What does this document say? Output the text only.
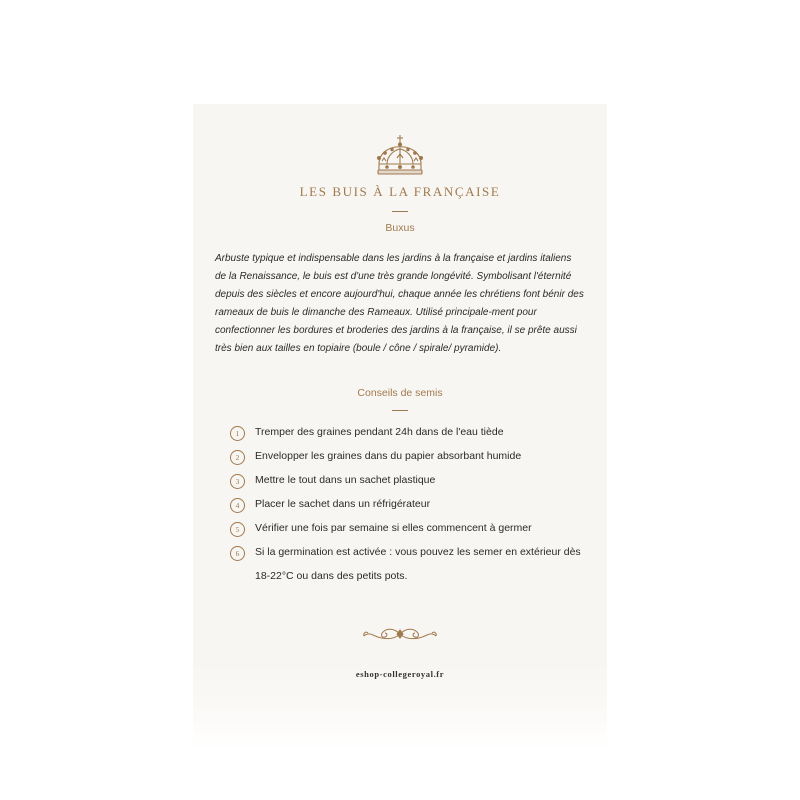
LES BUIS À LA FRANÇAISE
Buxus

Arbuste typique et indispensable dans les jardins à la française et jardins italiens de la Renaissance, le buis est d'une très grande longévité. Symbolisant l'éternité depuis des siècles et encore aujourd'hui, chaque année les chrétiens font bénir des rameaux de buis le dimanche des Rameaux. Utilisé principale-ment pour confectionner les bordures et broderies des jardins à la française, il se prête aussi très bien aux tailles en topiaire (boule / cône / spirale/ pyramide).

Conseils de semis
1	Tremper des graines pendant 24h dans de l'eau tiède
2	Envelopper les graines dans du papier absorbant humide
3	Mettre le tout dans un sachet plastique
4	Placer le sachet dans un réfrigérateur
5	Vérifier une fois par semaine si elles commencent à germer
6	Si la germination est activée : vous pouvez les semer en extérieur dès 18-22°C ou dans des petits pots.
eshop-collegeroyal.fr
